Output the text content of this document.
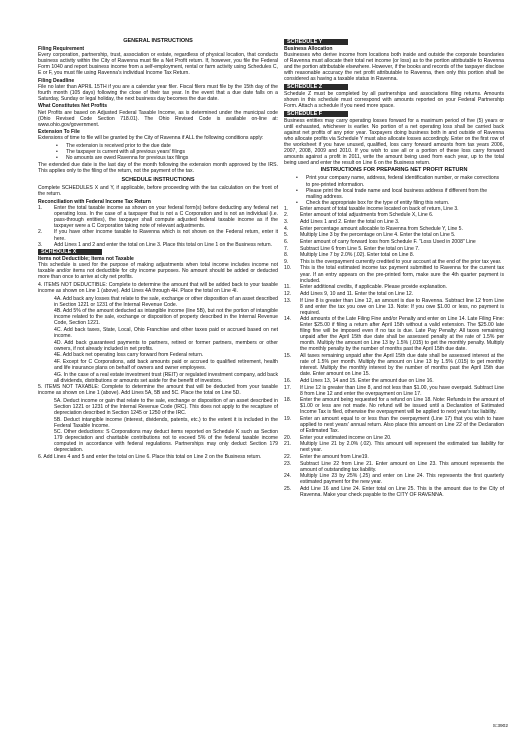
GENERAL INSTRUCTIONS
Filing Requirement

Every corporation, partnership, trust, association or estate, regardless of physical location, that conducts business activity within the City of Ravenna must file a Net Profit return. If, however, you file the Federal Form 1040 and report business income from a self-employment, rental or farm activity using Schedules C, E or F, you must file using Ravenna's individual Income Tax Return.

Filing Deadline

File no later than APRIL 15TH if you are a calendar year filer. Fiscal filers must file by the 15th day of the fourth month (105 days) following the close of their tax year. In the event that a due date falls on a Saturday, Sunday or legal holiday, the next business day becomes the due date.

What Constitutes Net Profits

Net Profits are based on Adjusted Federal Taxable Income, as is determined under the municipal code (Ohio Revised Code Section 718.01). The Ohio Revised Code is available on-line at: www.ohio.gov/government.

Extension To File

Extensions of time to file will be granted by the City of Ravenna if ALL the following conditions apply:

• The extension is received prior to the due date
• The taxpayer is current with all previous years' filings
• No amounts are owed Ravenna for previous tax filings

The extended due date is the last day of the month following the extension month approved by the IRS. This applies only to the filing of the return, not the payment of the tax.

SCHEDULE INSTRUCTIONS

Complete SCHEDULES X and Y, if applicable, before proceeding with the tax calculation on the front of the return.

Reconciliation with Federal Income Tax Return
1. Enter the total taxable income as shown on your federal form(s) before deducting any federal net operating loss. In the case of a taxpayer that is not a C Corporation and is not an individual (i.e. pass-through entities), the taxpayer shall compute adjusted federal taxable income as if the taxpayer were a C Corporation taking note of relevant adjustments.
2. If you have other income taxable to Ravenna which is not shown on the Federal return, enter it here.
3. Add Lines 1 and 2 and enter the total on Line 3. Place this total on Line 1 on the Business return.
SCHEDULE X
Items not Deductible; Items not Taxable

This schedule is used for the purpose of making adjustments when total income includes income not taxable and/or items not deductible for city income purposes. No amount should be added or deducted more than once to arrive at city net profits.

4. ITEMS NOT DEDUCTIBLE: Complete to determine the amount that will be added back to your taxable income as shown on Line 1 (above). Add Lines 4A through 4H. Place the total on Line 4I.

4A. Add back any losses that relate to the sale, exchange or other disposition of an asset described in Section 1221 or 1231 of the Internal Revenue Code.
4B. Add 5% of the amount deducted as intangible income (line 5B), but not the portion of intangible income related to the sale, exchange or disposition of property described in the Internal Revenue Code, Section 1221.
4C. Add back taxes, State, Local, Ohio Franchise and other taxes paid or accrued based on net income.
4D. Add back guaranteed payments to partners, retired or former partners, members or other owners, if not already included in net profits.
4E. Add back net operating loss carry forward from Federal return.
4F. Except for C Corporations, add back amounts paid or accrued to qualified retirement, health and life insurance plans on behalf of owners and owner employees.
4G. In the case of a real estate investment trust (REIT) or regulated investment company, add back all dividends, distributions or amounts set aside for the benefit of investors.

5. ITEMS NOT TAXABLE: Complete to determine the amount that will be deducted from your taxable income as shown on Line 1 (above). Add Lines 5A, 5B and 5C. Place the total on Line 5D.

5A. Deduct income or gain that relate to the sale, exchange or disposition of an asset described in Section 1221 or 1231 of the Internal Revenue Code (IRC). This does not apply to the recapture of depreciation described in Section 1245 or 1250 of the IRC.
5B. Deduct intangible income (interest, dividends, patents, etc.) to the extent it is included in the Federal Taxable Income.
5C. Other deductions: S Corporations may deduct items reported on Schedule K such as Section 179 depreciation and charitable contributions not to exceed 5% of the federal taxable income computed in accordance with federal regulations. Partnerships may only deduct Section 179 depreciation.

6. Add Lines 4 and 5 and enter the total on Line 6. Place this total on Line 2 on the Business return.

SCHEDULE Y
Business Allocation

Businesses who derive income from locations both inside and outside the corporate boundaries of Ravenna must allocate their total net income (or loss) as to the portion attributable to Ravenna and the portion attributable elsewhere. However, if the books and records of the taxpayer disclose with reasonable accuracy the net profit attributable to Ravenna, then only this portion shall be considered as having a taxable status in Ravenna.

SCHEDULE Z

Schedule Z must be completed by all partnerships and associations filing returns. Amounts shown in this schedule must correspond with amounts reported on your Federal Partnership Form. Attach a schedule if you need more space.

SCHEDULE F

Business entities may carry operating losses forward for a maximum period of five (5) years or until exhausted, whichever is earlier. No portion of a net operating loss shall be carried back against net profits of any prior year. Taxpayers doing business both in and outside of Ravenna who allocate profits via Schedule Y must also allocate losses accordingly. Enter on the first row of the worksheet if you have unused, qualified, loss carry forward amounts from tax years 2006, 2007, 2008, 2009 and 2010. If you wish to use all or a portion of these loss carry forward amounts against a profit in 2011, write the amount being used from each year, up to the total being used and enter the result on Line 6 on the Business return.

INSTRUCTIONS FOR PREPARING NET PROFIT RETURN
• Print your company name, address, federal identification number, or make corrections to pre-printed information.
• Please print the local trade name and local business address if different from the mailing address.
• Check the appropriate box for the type of entity filing this return.
1. Enter amount of total taxable income located on back of return, Line 3.
2. Enter amount of total adjustments from Schedule X, Line 6.
3. Add Lines 1 and 2. Enter the total on Line 3.
4. Enter percentage amount allocable to Ravenna from Schedule Y, Line 5.
5. Multiply Line 3 by the percentage on Line 4. Enter the total on Line 5.
6. Enter amount of carry forward loss from Schedule F. "Loss Used in 2008" Line
7. Subtract Line 6 from Line 5. Enter the total on Line 7.
8. Multiply Line 7 by 2.0% (.02). Enter total on Line 8.
9. This is the overpayment currently credited to your account at the end of the prior tax year.
10. This is the total estimated income tax payment submitted to Ravenna for the current tax year. If an entry appears on the pre-printed form, make sure the 4th quarter payment is included.
11. Enter additional credits, if applicable. Please provide explanation.
12. Add Lines 9, 10 and 11. Enter the total on Line 12.
13. If Line 8 is greater than Line 12, an amount is due to Ravenna. Subtract line 12 from Line 8 and enter the tax you owe on Line 13. Note: If you owe $1.00 or less, no payment is required.
14. Add amounts of the Late Filing Fine and/or Penalty and enter on Line 14. Late Filing Fine: Enter $25.00 if filing a return after April 15th without a valid extension. The $25.00 late filing fine will be imposed even if no tax is due. Late Pay Penalty: All taxes remaining unpaid after the April 15th due date shall be assessed penalty at the rate of 1.5% per month. Multiply the amount on Line 13 by 1.5% (.015) to get the monthly penalty. Multiply the monthly penalty by the number of months past the April 15th due date.
15. All taxes remaining unpaid after the April 15th due date shall be assessed interest at the rate of 1.5% per month. Multiply the amount on Line 13 by 1.5% (.015) to get monthly interest. Multiply the monthly interest by the number of months past the April 15th due date. Enter amount on Line 15.
16. Add Lines 13, 14 and 15. Enter the amount due on Line 16.
17. If Line 12 is greater than Line 8, and not less than $1.00, you have overpaid. Subtract Line 8 from Line 12 and enter the overpayment on Line 17.
18. Enter the amount being requested for a refund on Line 18. Note: Refunds in the amount of $1.00 or less are not made. No refund will be issued until a Declaration of Estimated Income Tax is filed, otherwise the overpayment will be applied to next year's tax liability.
19. Enter an amount equal to or less than the overpayment (Line 17) that you wish to have applied to next years' annual return. Also place this amount on Line 22 of the Declaration of Estimated Tax.
20. Enter your estimated income on Line 20.
21. Multiply Line 21 by 2.0% (.02). This amount will represent the estimated tax liability for next year.
22. Enter the amount from Line19.
23. Subtract Line 22 from Line 21. Enter amount on Line 23. This amount represents the amount of outstanding tax liability.
24. Multiply Line 23 by 25% (.25) and enter on Line 24. This represents the first quarterly estimated payment for the new year.
25. Add Line 16 and Line 24. Enter total on Line 25. This is the amount due to the City of Ravenna. Make your check payable to the CITY OF RAVENNA.
S:3902
